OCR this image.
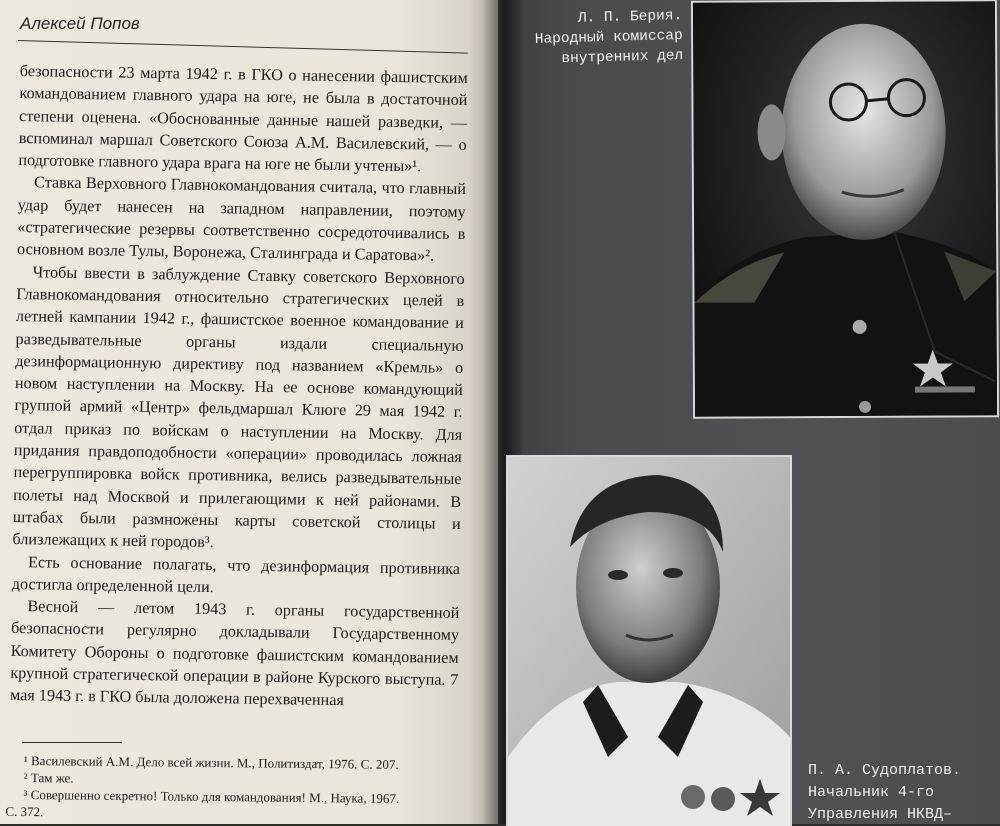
Алексей Попов

безопасности 23 марта 1942 г. в ГКО о нанесении фашистским командованием главного удара на юге, не была в достаточной степени оценена. «Обоснованные данные нашей разведки, — вспоминал маршал Советского Союза А.М. Василевский, — о подготовке главного удара врага на юге не были учтены»¹.

Ставка Верховного Главнокомандования считала, что главный удар будет нанесен на западном направлении, поэтому «стратегические резервы соответственно сосредоточивались в основном возле Тулы, Воронежа, Сталинграда и Саратова»².

Чтобы ввести в заблуждение Ставку советского Верховного Главнокомандования относительно стратегических целей в летней кампании 1942 г., фашистское военное командование и разведывательные органы издали специальную дезинформационную директиву под названием «Кремль» о новом наступлении на Москву. На ее основе командующий группой армий «Центр» фельдмаршал Клюге 29 мая 1942 г. отдал приказ по войскам о наступлении на Москву. Для придания правдоподобности «операции» проводилась ложная перегруппировка войск противника, велись разведывательные полеты над Москвой и прилегающими к ней районами. В штабах были размножены карты советской столицы и близлежащих к ней городов³.

Есть основание полагать, что дезинформация противника достигла определенной цели.

Весной — летом 1943 г. органы государственной безопасности регулярно докладывали Государственному Комитету Обороны о подготовке фашистским командованием крупной стратегической операции в районе Курского выступа. 7 мая 1943 г. в ГКО была доложена перехваченная

¹ Василевский А.М. Дело всей жизни. М., Политиздат, 1976. С. 207.
² Там же.
³ Совершенно секретно! Только для командования! М., Наука, 1967.
С. 372.
Л. П. Берия.
Народный комиссар
внутренних дел
П. А. Судоплатов.
Начальник 4-го
Управления НКВД–
